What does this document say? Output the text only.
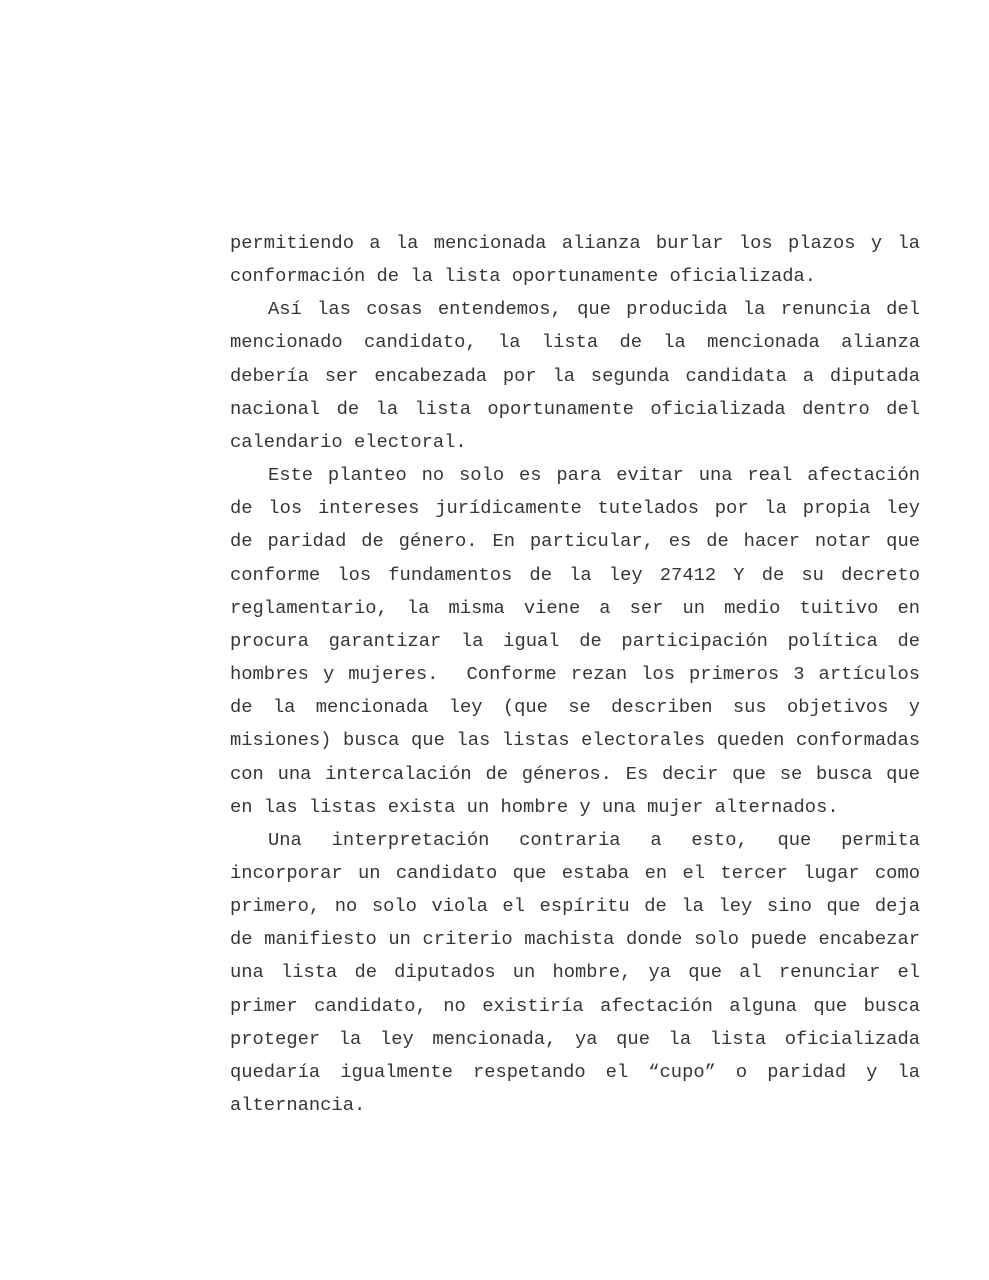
permitiendo a la mencionada alianza burlar los plazos y la
conformación de la lista oportunamente oficializada.
Así las cosas entendemos, que producida la renuncia del
mencionado candidato, la lista de la mencionada alianza
debería ser encabezada por la segunda candidata a diputada
nacional de la lista oportunamente oficializada dentro del
calendario electoral.
Este planteo no solo es para evitar una real afectación
de los intereses jurídicamente tutelados por la propia ley
de paridad de género. En particular, es de hacer notar que
conforme los fundamentos de la ley 27412 Y de su decreto
reglamentario, la misma viene a ser un medio tuitivo en
procura garantizar la igual de participación política de
hombres y mujeres.  Conforme rezan los primeros 3 artículos
de la mencionada ley (que se describen sus objetivos y
misiones) busca que las listas electorales queden conformadas
con una intercalación de géneros. Es decir que se busca que
en las listas exista un hombre y una mujer alternados.
Una interpretación contraria a esto, que permita
incorporar un candidato que estaba en el tercer lugar como
primero, no solo viola el espíritu de la ley sino que deja
de manifiesto un criterio machista donde solo puede encabezar
una lista de diputados un hombre, ya que al renunciar el
primer candidato, no existiría afectación alguna que busca
proteger la ley mencionada, ya que la lista oficializada
quedaría igualmente respetando el “cupo” o paridad y la
alternancia.
